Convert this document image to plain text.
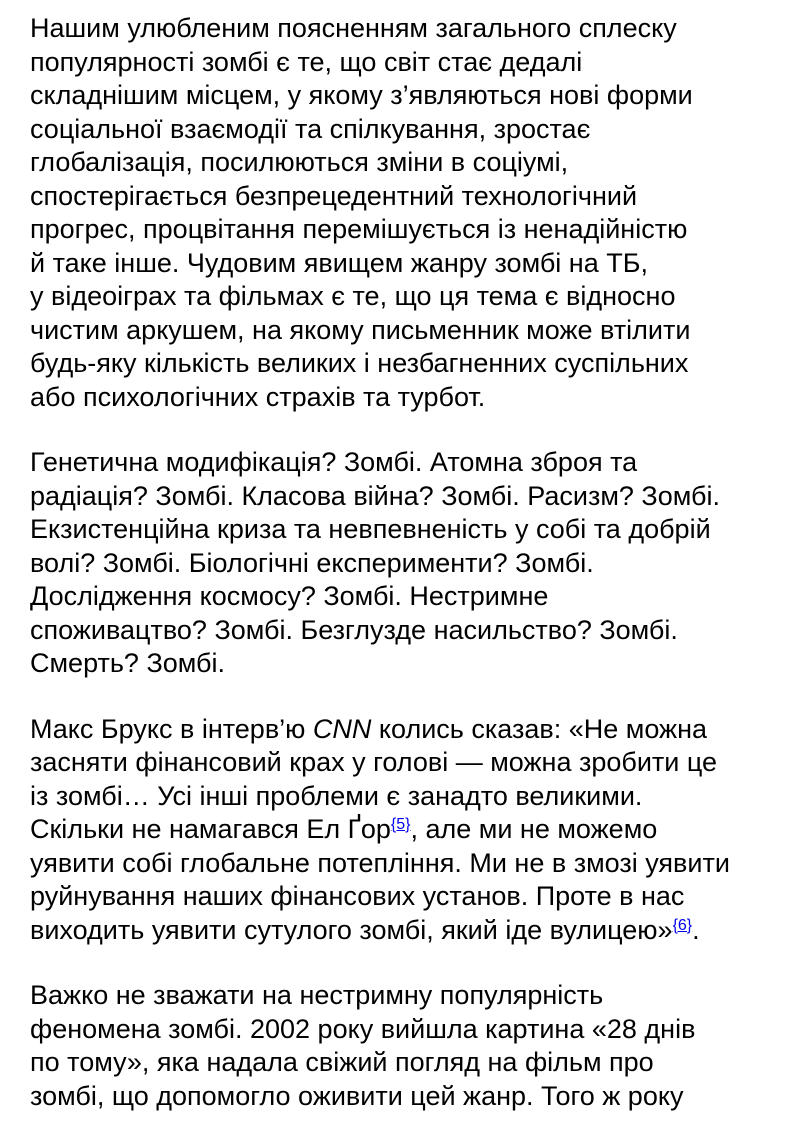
Нашим улюбленим поясненням загального сплеску
популярності зомбі є те, що світ стає дедалі
складнішим місцем, у якому з’являються нові форми
соціальної взаємодії та спілкування, зростає
глобалізація, посилюються зміни в соціумі,
спостерігається безпрецедентний технологічний
прогрес, процвітання перемішується із ненадійністю
й таке інше. Чудовим явищем жанру зомбі на ТБ,
у відеоіграх та фільмах є те, що ця тема є відносно
чистим аркушем, на якому письменник може втілити
будь-яку кількість великих і незбагненних суспільних
або психологічних страхів та турбот.

Генетична модифікація? Зомбі. Атомна зброя та
радіація? Зомбі. Класова війна? Зомбі. Расизм? Зомбі.
Екзистенційна криза та невпевненість у собі та добрій
волі? Зомбі. Біологічні експерименти? Зомбі.
Дослідження космосу? Зомбі. Нестримне
споживацтво? Зомбі. Безглузде насильство? Зомбі.
Смерть? Зомбі.

Макс Брукс в інтерв’ю CNN колись сказав: «Не можна
засняти фінансовий крах у голові — можна зробити це
із зомбі… Усі інші проблеми є занадто великими.
Скільки не намагався Ел Ґор$^{\{5\}}$, але ми не можемо
уявити собі глобальне потепління. Ми не в змозі уявити
руйнування наших фінансових установ. Проте в нас
виходить уявити сутулого зомбі, який іде вулицею»$^{\{6\}}$.

Важко не зважати на нестримну популярність
феномена зомбі. 2002 року вийшла картина «28 днів
по тому», яка надала свіжий погляд на фільм про
зомбі, що допомогло оживити цей жанр. Того ж року
